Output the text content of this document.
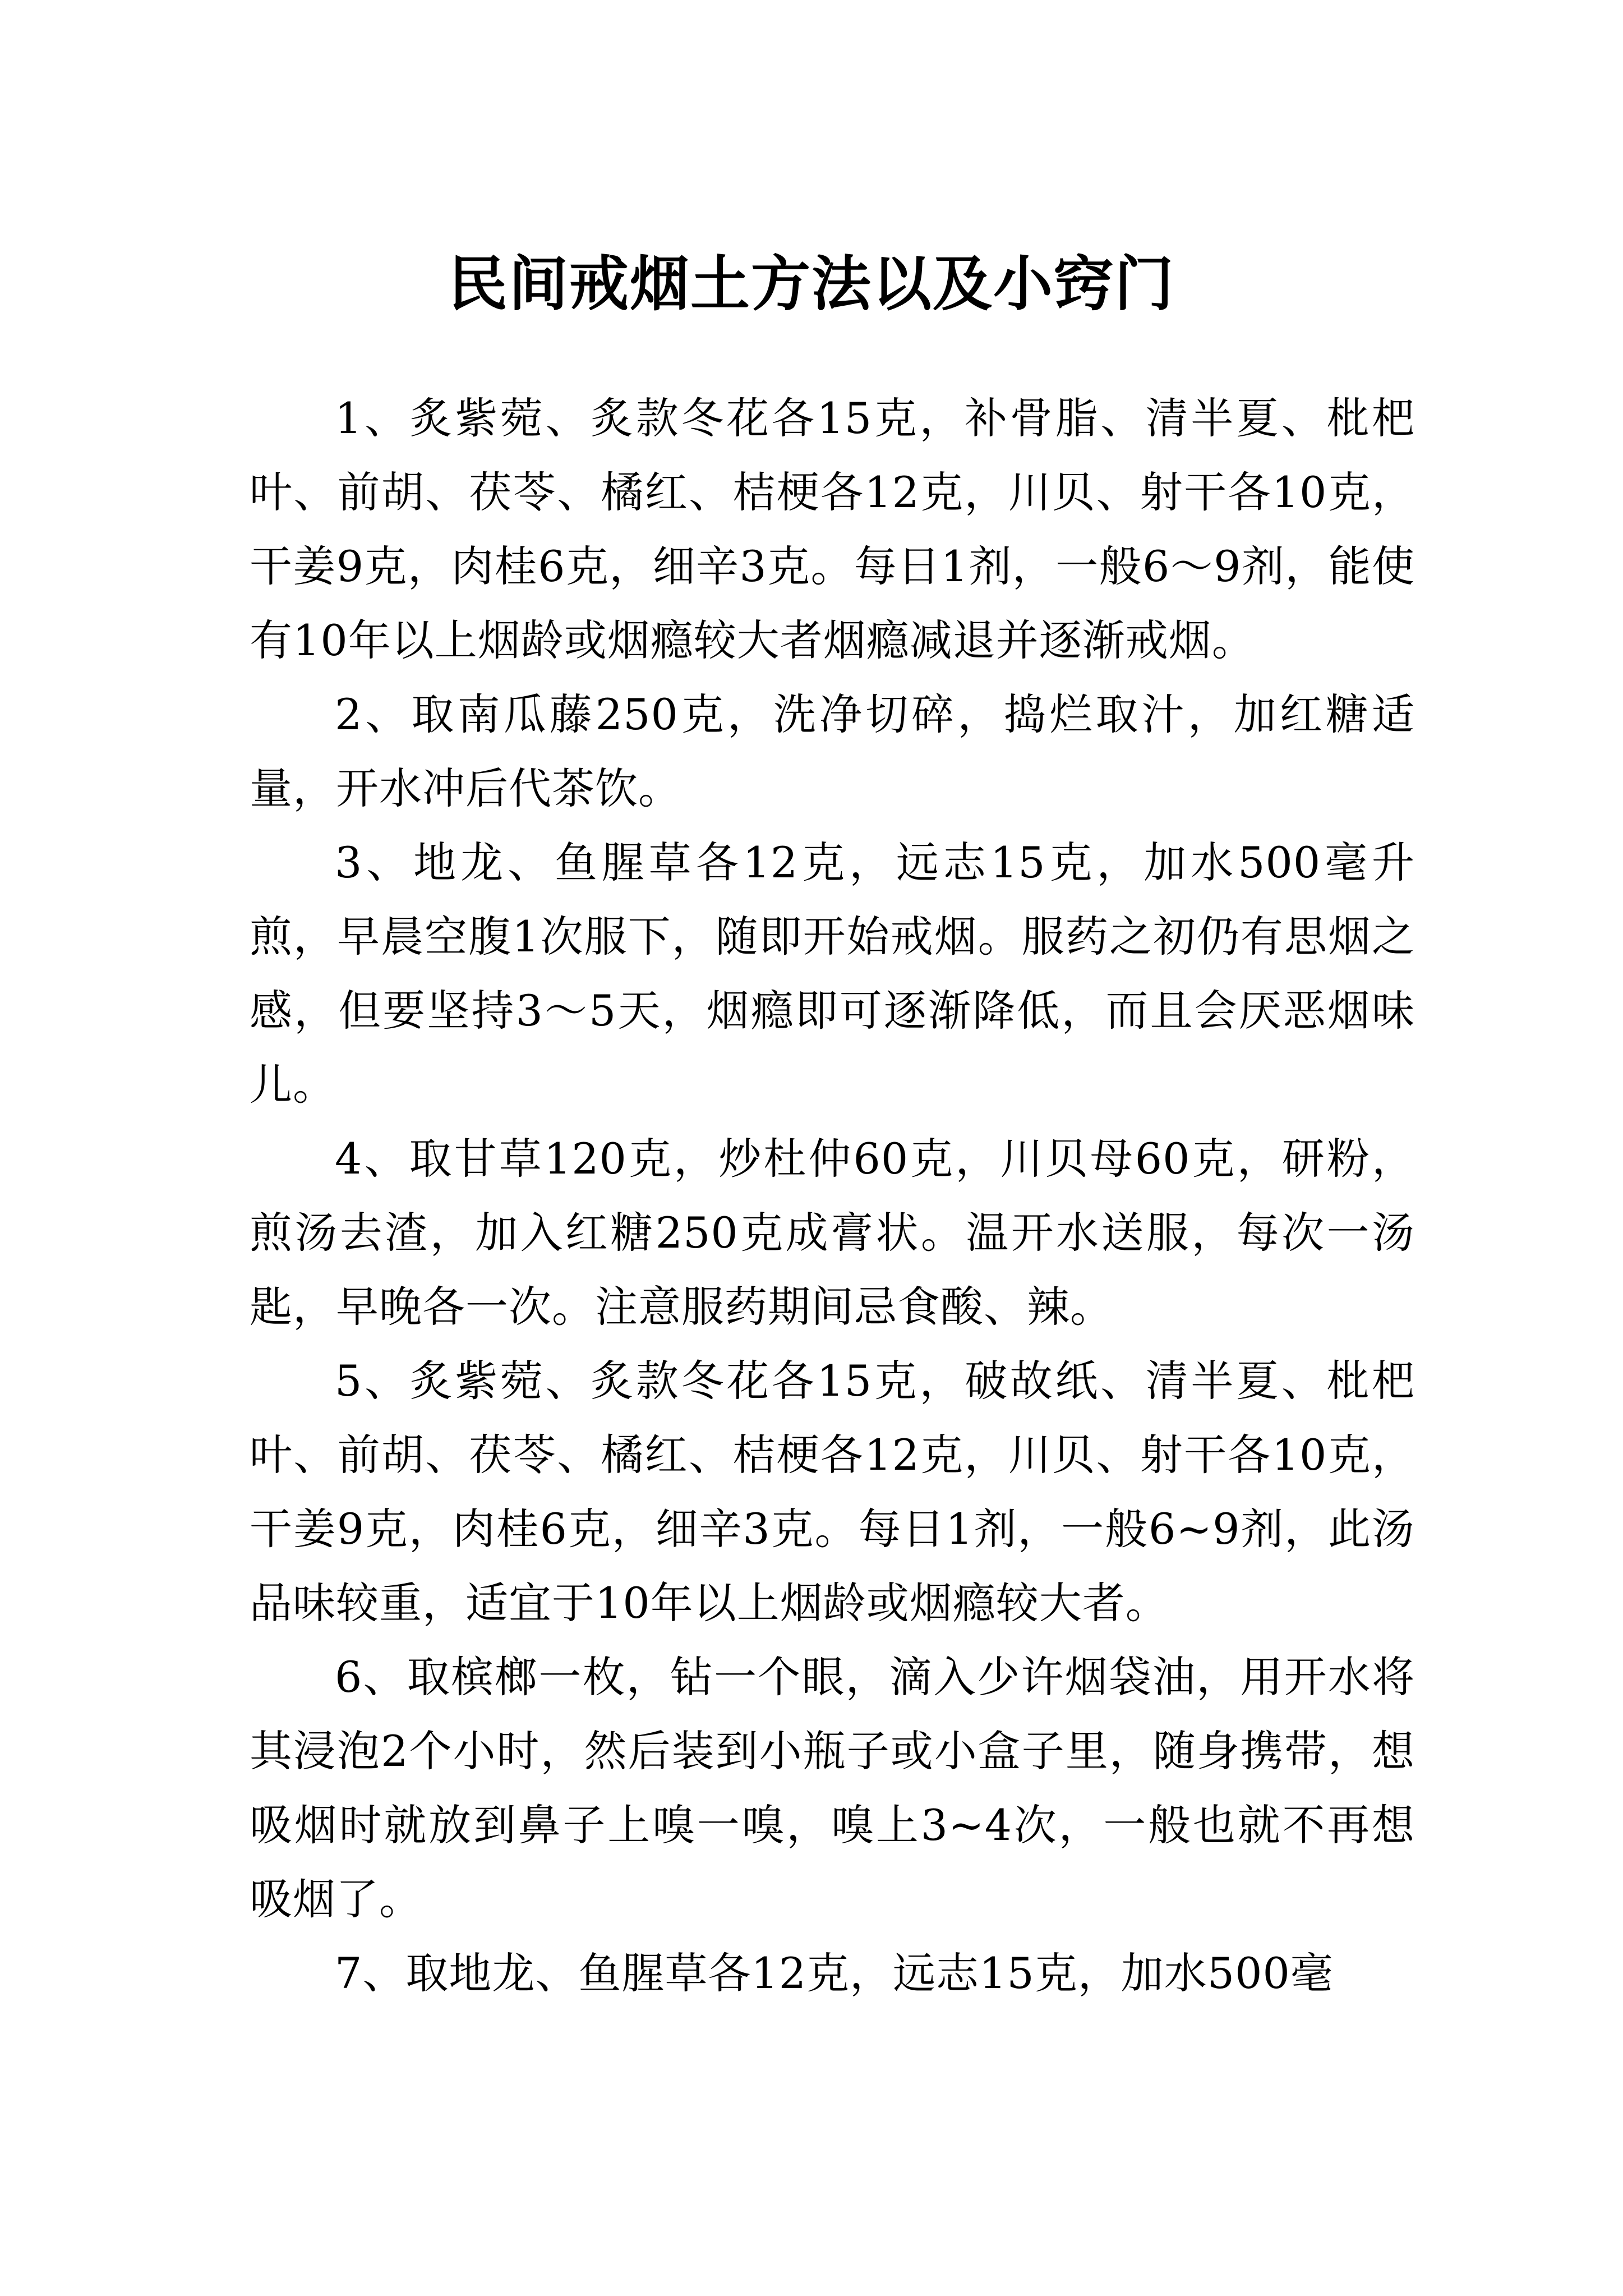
民间戒烟土方法以及小窍门

1、炙紫菀、炙款冬花各15克，补骨脂、清半夏、枇杷叶、前胡、茯苓、橘红、桔梗各12克，川贝、射干各10克，干姜9克，肉桂6克，细辛3克。每日1剂，一般6～9剂，能使有10年以上烟龄或烟瘾较大者烟瘾减退并逐渐戒烟。

2、取南瓜藤250克，洗净切碎，捣烂取汁，加红糖适量，开水冲后代茶饮。

3、地龙、鱼腥草各12克，远志15克，加水500毫升煎，早晨空腹1次服下，随即开始戒烟。服药之初仍有思烟之感，但要坚持3～5天，烟瘾即可逐渐降低，而且会厌恶烟味儿。

4、取甘草120克，炒杜仲60克，川贝母60克，研粉，煎汤去渣，加入红糖250克成膏状。温开水送服，每次一汤匙，早晚各一次。注意服药期间忌食酸、辣。

5、炙紫菀、炙款冬花各15克，破故纸、清半夏、枇杷叶、前胡、茯苓、橘红、桔梗各12克，川贝、射干各10克，干姜9克，肉桂6克，细辛3克。每日1剂，一般6~9剂，此汤品味较重，适宜于10年以上烟龄或烟瘾较大者。

6、取槟榔一枚，钻一个眼，滴入少许烟袋油，用开水将其浸泡2个小时，然后装到小瓶子或小盒子里，随身携带，想吸烟时就放到鼻子上嗅一嗅，嗅上3~4次，一般也就不再想吸烟了。

7、取地龙、鱼腥草各12克，远志15克，加水500毫
